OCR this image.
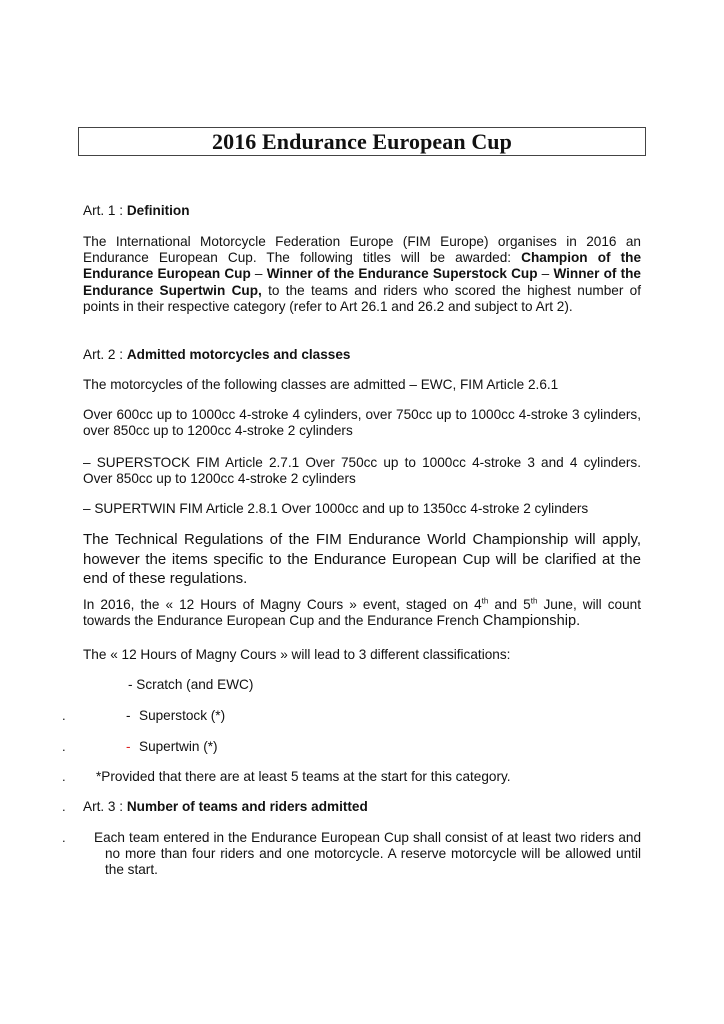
2016 Endurance European Cup

Art. 1 : Definition

The International Motorcycle Federation Europe (FIM Europe) organises in 2016 an Endurance European Cup. The following titles will be awarded: Champion of the Endurance European Cup – Winner of the Endurance Superstock Cup – Winner of the Endurance Supertwin Cup, to the teams and riders who scored the highest number of points in their respective category (refer to Art 26.1 and 26.2 and subject to Art 2).

Art. 2 : Admitted motorcycles and classes

The motorcycles of the following classes are admitted – EWC, FIM Article 2.6.1

Over 600cc up to 1000cc 4-stroke 4 cylinders, over 750cc up to 1000cc 4-stroke 3 cylinders, over 850cc up to 1200cc 4-stroke 2 cylinders

– SUPERSTOCK FIM Article 2.7.1 Over 750cc up to 1000cc 4-stroke 3 and 4 cylinders. Over 850cc up to 1200cc 4-stroke 2 cylinders

– SUPERTWIN FIM Article 2.8.1 Over 1000cc and up to 1350cc 4-stroke 2 cylinders

The Technical Regulations of the FIM Endurance World Championship will apply, however the items specific to the Endurance European Cup will be clarified at the end of these regulations.

In 2016, the « 12 Hours of Magny Cours » event, staged on 4th and 5th June, will count towards the Endurance European Cup and the Endurance French Championship.

The « 12 Hours of Magny Cours » will lead to 3 different classifications:

- Scratch (and EWC)
.	- Superstock (*)
.	- Supertwin (*)
. *Provided that there are at least 5 teams at the start for this category.
. Art. 3 : Number of teams and riders admitted

. Each team entered in the Endurance European Cup shall consist of at least two riders and no more than four riders and one motorcycle. A reserve motorcycle will be allowed until the start.
